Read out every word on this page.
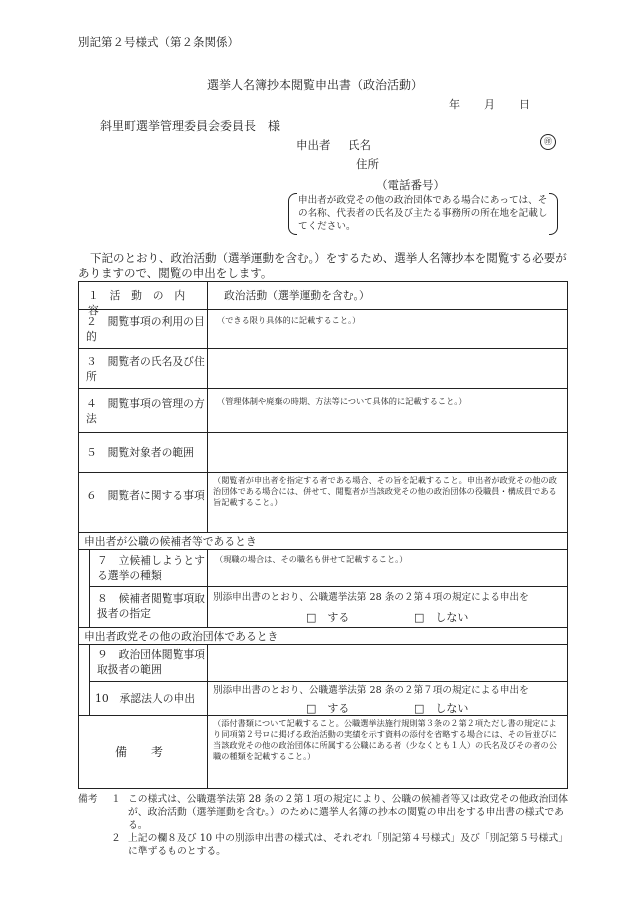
別記第２号様式（第２条関係）
選挙人名簿抄本閲覧申出書（政治活動）
年 月 日
斜里町選挙管理委員会委員長　様
申出者 氏名	㊞
住所
（電話番号）
申出者が政党その他の政治団体である場合にあっては、その名称、代表者の氏名及び主たる事務所の所在地を記載してください。
下記のとおり、政治活動（選挙運動を含む。）をするため、選挙人名簿抄本を閲覧する必要がありますので、閲覧の申出をします。
１　活　動　の　内　容
政治活動（選挙運動を含む。）
２　閲覧事項の利用の目的
（できる限り具体的に記載すること。）
３　閲覧者の氏名及び住所
４　閲覧事項の管理の方法
（管理体制や廃棄の時期、方法等について具体的に記載すること。）
５　閲覧対象者の範囲
６　閲覧者に関する事項
（閲覧者が申出者を指定する者である場合、その旨を記載すること。申出者が政党その他の政治団体である場合には、併せて、閲覧者が当該政党その他の政治団体の役職員・構成員である旨記載すること。）
申出者が公職の候補者等であるとき
７　立候補しようとする選挙の種類
（現職の場合は、その職名も併せて記載すること。）
８　候補者閲覧事項取扱者の指定
別添申出書のとおり、公職選挙法第 28 条の２第４項の規定による申出を
□　する	□　しない
申出者政党その他の政治団体であるとき
９　政治団体閲覧事項取扱者の範囲
10　承認法人の申出
別添申出書のとおり、公職選挙法第 28 条の２第７項の規定による申出を
□　する	□　しない
備　　考
（添付書類について記載すること。公職選挙法施行規則第３条の２第２項ただし書の規定により同項第２号ロに掲げる政治活動の実績を示す資料の添付を省略する場合には、その旨並びに当該政党その他の政治団体に所属する公職にある者（少なくとも１人）の氏名及びその者の公職の種類を記載すること。）
備考	１ この様式は、公職選挙法第 28 条の２第１項の規定により、公職の候補者等又は政党その他政治団体が、政治活動（選挙運動を含む。）のために選挙人名簿の抄本の閲覧の申出をする申出書の様式である。
２ 上記の欄８及び 10 中の別添申出書の様式は、それぞれ「別記第４号様式」及び「別記第５号様式」に準ずるものとする。
